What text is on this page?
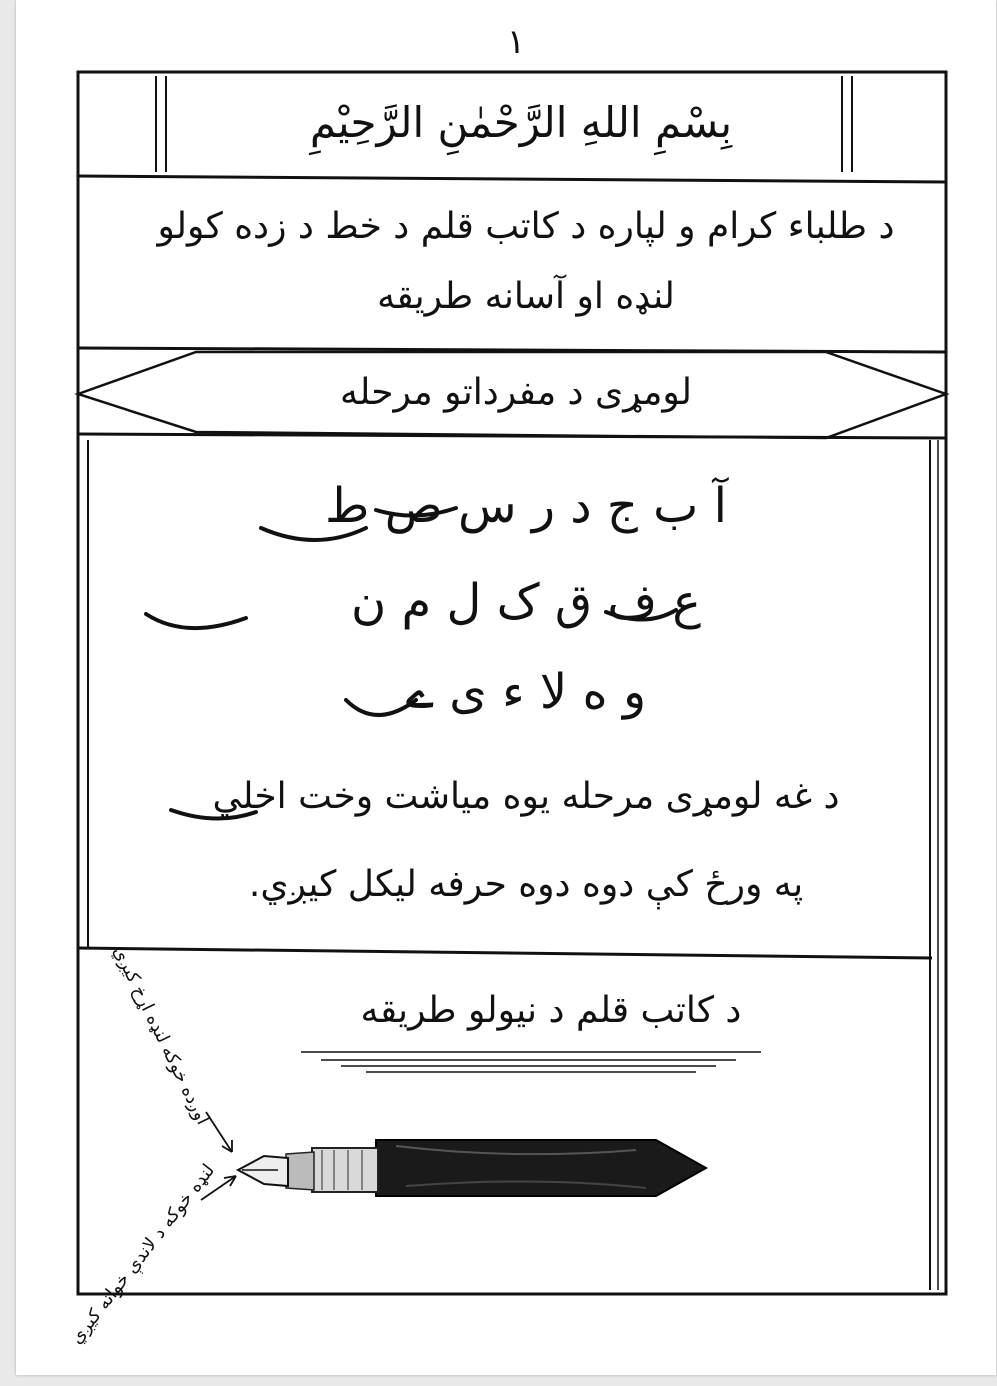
۱
بِسْمِ اللهِ الرَّحْمٰنِ الرَّحِيْمِ
د طلباء کرام و لپاره د کاتب قلم د خط د زده کولو
لنډه او آسانه طریقه
لومړی د مفرداتو مرحله
آ ب ج د ر س ص ط
ع ف ق ک ل م ن
و ه لا ء ی ے
د غه لومړی مرحله یوه میاشت وخت اخلي
په ورځ کې دوه دوه حرفه لیکل کیږي.
د کاتب قلم د نیولو طریقه
اوږده خوکه لنډه اړخ کیږي
لنډه خوکه د لاندې خواته کیږي
